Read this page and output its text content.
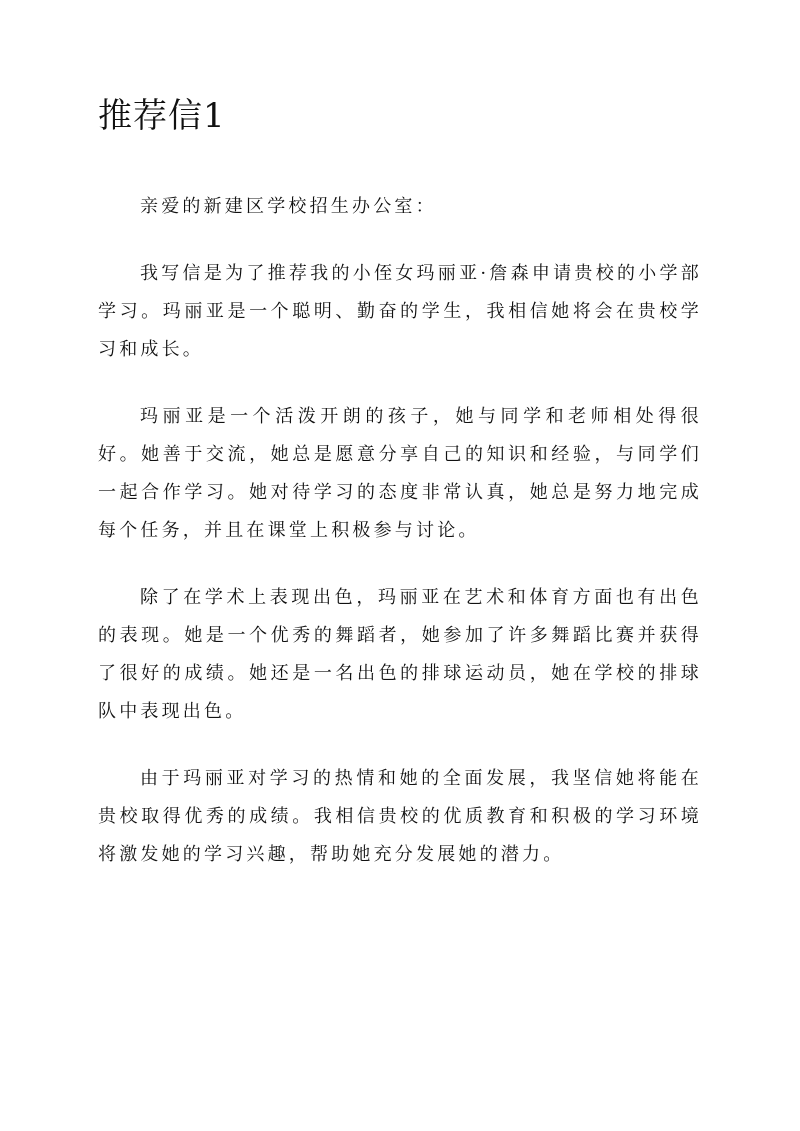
推荐信1

亲爱的新建区学校招生办公室：

我写信是为了推荐我的小侄女玛丽亚·詹森申请贵校的小学部学习。玛丽亚是一个聪明、勤奋的学生，我相信她将会在贵校学习和成长。

玛丽亚是一个活泼开朗的孩子，她与同学和老师相处得很好。她善于交流，她总是愿意分享自己的知识和经验，与同学们一起合作学习。她对待学习的态度非常认真，她总是努力地完成每个任务，并且在课堂上积极参与讨论。

除了在学术上表现出色，玛丽亚在艺术和体育方面也有出色的表现。她是一个优秀的舞蹈者，她参加了许多舞蹈比赛并获得了很好的成绩。她还是一名出色的排球运动员，她在学校的排球队中表现出色。

由于玛丽亚对学习的热情和她的全面发展，我坚信她将能在贵校取得优秀的成绩。我相信贵校的优质教育和积极的学习环境将激发她的学习兴趣，帮助她充分发展她的潜力。
